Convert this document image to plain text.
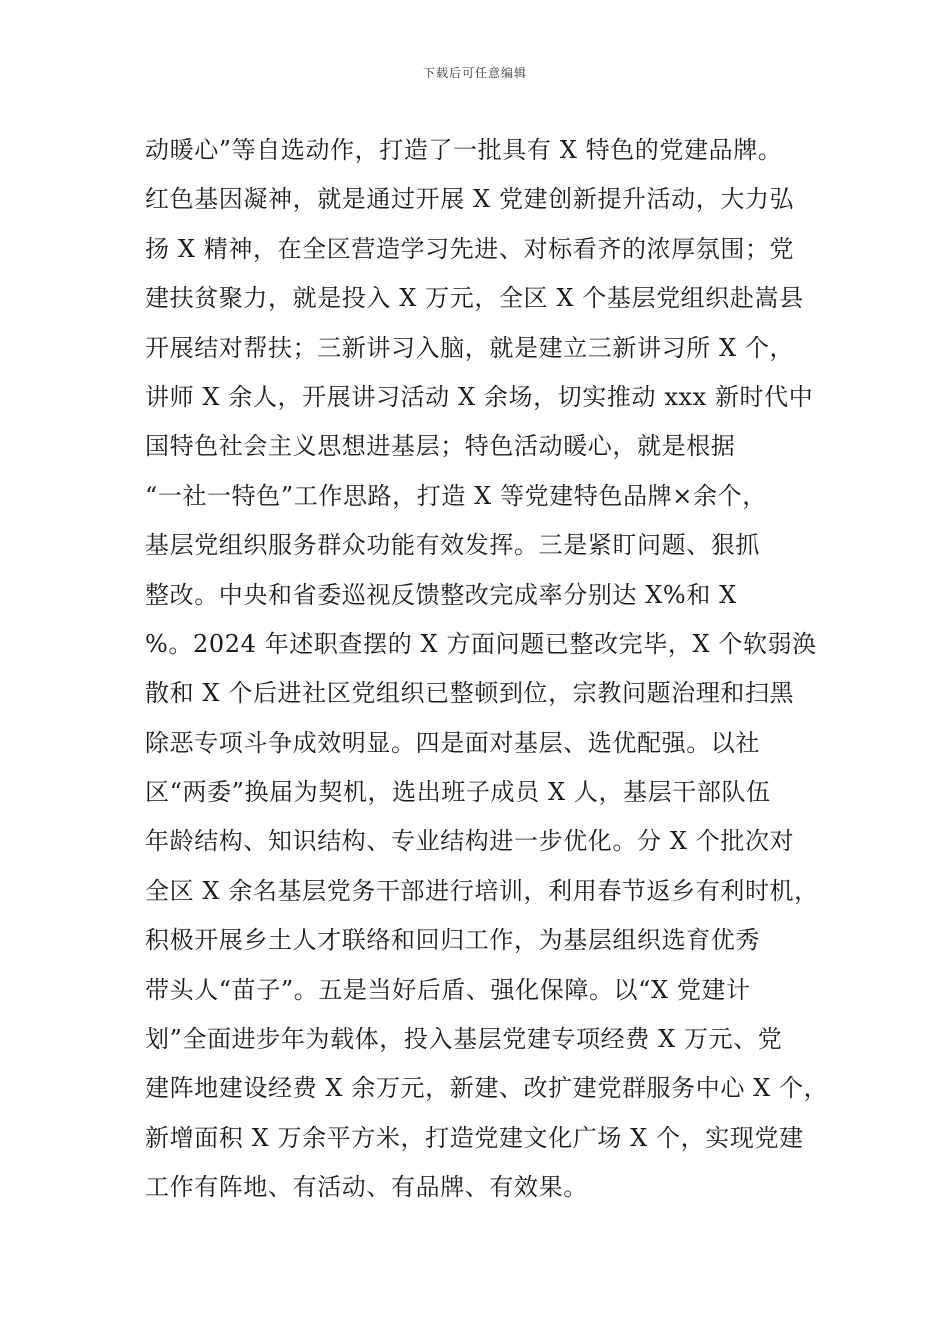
下载后可任意编辑
动暖心”等自选动作，打造了一批具有 X 特色的党建品牌。
红色基因凝神，就是通过开展 X 党建创新提升活动，大力弘
扬 X 精神，在全区营造学习先进、对标看齐的浓厚氛围；党
建扶贫聚力，就是投入 X 万元，全区 X 个基层党组织赴嵩县
开展结对帮扶；三新讲习入脑，就是建立三新讲习所 X 个，
讲师 X 余人，开展讲习活动 X 余场，切实推动 xxx 新时代中
国特色社会主义思想进基层；特色活动暖心，就是根据
“一社一特色”工作思路，打造 X 等党建特色品牌×余个，
基层党组织服务群众功能有效发挥。三是紧盯问题、狠抓
整改。中央和省委巡视反馈整改完成率分别达 X%和 X
%。2024 年述职查摆的 X 方面问题已整改完毕，X 个软弱涣
散和 X 个后进社区党组织已整顿到位，宗教问题治理和扫黑
除恶专项斗争成效明显。四是面对基层、选优配强。以社
区“两委”换届为契机，选出班子成员 X 人，基层干部队伍
年龄结构、知识结构、专业结构进一步优化。分 X 个批次对
全区 X 余名基层党务干部进行培训，利用春节返乡有利时机，
积极开展乡土人才联络和回归工作，为基层组织选育优秀
带头人“苗子”。五是当好后盾、强化保障。以“X 党建计
划”全面进步年为载体，投入基层党建专项经费 X 万元、党
建阵地建设经费 X 余万元，新建、改扩建党群服务中心 X 个，
新增面积 X 万余平方米，打造党建文化广场 X 个，实现党建
工作有阵地、有活动、有品牌、有效果。
